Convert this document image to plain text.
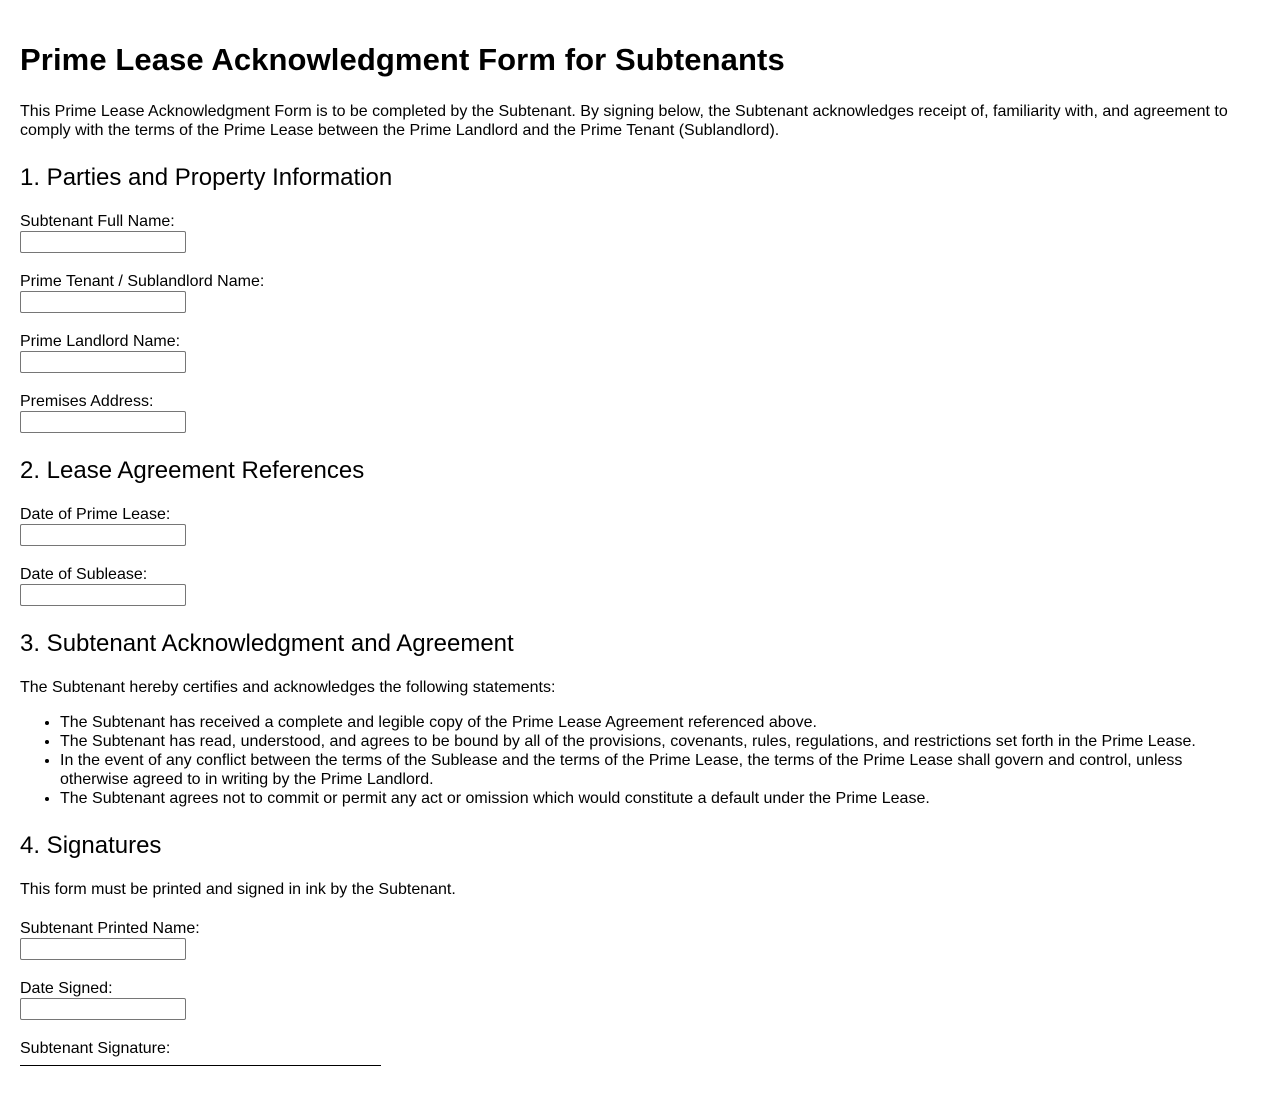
Prime Lease Acknowledgment Form for Subtenants

This Prime Lease Acknowledgment Form is to be completed by the Subtenant. By signing below, the Subtenant acknowledges receipt of, familiarity with, and agreement to comply with the terms of the Prime Lease between the Prime Landlord and the Prime Tenant (Sublandlord).

1. Parties and Property Information
Subtenant Full Name:
Prime Tenant / Sublandlord Name:
Prime Landlord Name:
Premises Address:
2. Lease Agreement References
Date of Prime Lease:
Date of Sublease:
3. Subtenant Acknowledgment and Agreement

The Subtenant hereby certifies and acknowledges the following statements:

• The Subtenant has received a complete and legible copy of the Prime Lease Agreement referenced above.
• The Subtenant has read, understood, and agrees to be bound by all of the provisions, covenants, rules, regulations, and restrictions set forth in the Prime Lease.
• In the event of any conflict between the terms of the Sublease and the terms of the Prime Lease, the terms of the Prime Lease shall govern and control, unless otherwise agreed to in writing by the Prime Landlord.
• The Subtenant agrees not to commit or permit any act or omission which would constitute a default under the Prime Lease.
4. Signatures

This form must be printed and signed in ink by the Subtenant.

Subtenant Printed Name:
Date Signed:
Subtenant Signature:
